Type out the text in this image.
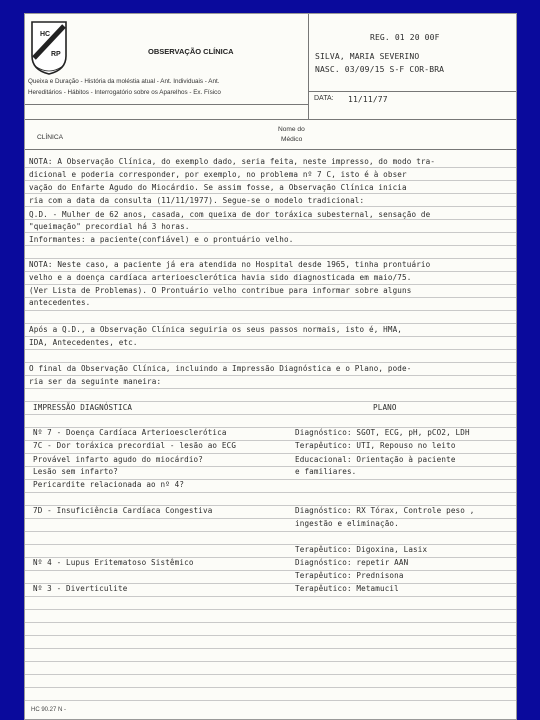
HC
RP	OBSERVAÇÃO CLÍNICA
Queixa e Duração - História da moléstia atual - Ant. Individuais - Ant.
Hereditários - Hábitos - Interrogatório sobre os Aparelhos - Ex. Físico
REG. 01 20 00F
SILVA, MARIA SEVERINO
NASC. 03/09/15 S-F COR-BRA
DATA: 11/11/77
CLÍNICA
Nome do
Médico
NOTA: A Observação Clínica, do exemplo dado, seria feita, neste impresso, do modo tra-
dicional e poderia corresponder, por exemplo, no problema nº 7 C, isto é à obser
vação do Enfarte Agudo do Miocárdio. Se assim fosse, a Observação Clínica inicia
ria com a data da consulta (11/11/1977). Segue-se o modelo tradicional:
Q.D. - Mulher de 62 anos, casada, com queixa de dor toráxica subesternal, sensação de
"queimação" precordial há 3 horas.
Informantes: a paciente(confiável) e o prontuário velho.
NOTA: Neste caso, a paciente já era atendida no Hospital desde 1965, tinha prontuário
velho e a doença cardíaca arterioesclerótica havia sido diagnosticada em maio/75.
(Ver Lista de Problemas). O Prontuário velho contribue para informar sobre alguns
antecedentes.
Após a Q.D., a Observação Clínica seguiria os seus passos normais, isto é, HMA,
IDA, Antecedentes, etc.
O final da Observação Clínica, incluindo a Impressão Diagnóstica e o Plano, pode-
ria ser da seguinte maneira:
IMPRESSÃO DIAGNÓSTICA	PLANO
Nº 7 - Doença Cardíaca Arterioesclerótica
7C - Dor toráxica precordial - lesão ao ECG
Provável infarto agudo do miocárdio?
Lesão sem infarto?
Pericardite relacionada ao nº 4?
7D - Insuficiência Cardíaca Congestiva
Nº 4 - Lupus Eritematoso Sistêmico
Nº 3 - Diverticulite
Diagnóstico: SGOT, ECG, pH, pCO2, LDH
Terapêutico: UTI, Repouso no leito
Educacional: Orientação à paciente
e familiares.
Diagnóstico: RX Tórax, Controle peso ,
ingestão e eliminação.
Terapêutico: Digoxina, Lasix
Diagnóstico: repetir AAN
Terapêutico: Prednisona
Terapêutico: Metamucil
HC 90.27 N -
